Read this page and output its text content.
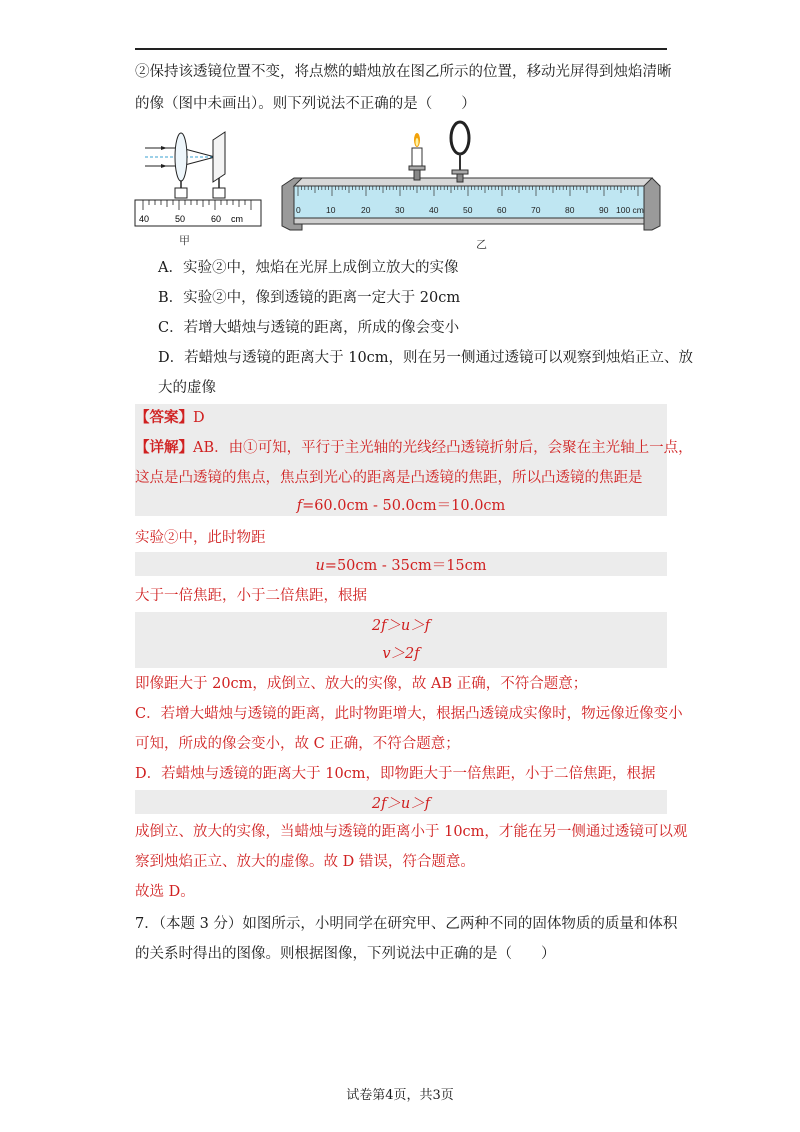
②保持该透镜位置不变，将点燃的蜡烛放在图乙所示的位置，移动光屏得到烛焰清晰
的像（图中未画出）。则下列说法不正确的是（　　）
40	50	60 cm
甲
0	10	20	30	40	50	60	70	80	90 100 cm
乙
A．实验②中，烛焰在光屏上成倒立放大的实像
B．实验②中，像到透镜的距离一定大于 20cm
C．若增大蜡烛与透镜的距离，所成的像会变小
D．若蜡烛与透镜的距离大于 10cm，则在另一侧通过透镜可以观察到烛焰正立、放
大的虚像
【答案】D
【详解】AB．由①可知，平行于主光轴的光线经凸透镜折射后，会聚在主光轴上一点，
这点是凸透镜的焦点，焦点到光心的距离是凸透镜的焦距，所以凸透镜的焦距是
f=60.0cm - 50.0cm＝10.0cm
实验②中，此时物距
u=50cm - 35cm＝15cm
大于一倍焦距，小于二倍焦距，根据
2f＞u＞f
v＞2f
即像距大于 20cm，成倒立、放大的实像，故 AB 正确，不符合题意；
C．若增大蜡烛与透镜的距离，此时物距增大，根据凸透镜成实像时，物远像近像变小
可知，所成的像会变小，故 C 正确，不符合题意；
D．若蜡烛与透镜的距离大于 10cm，即物距大于一倍焦距，小于二倍焦距，根据
2f＞u＞f
成倒立、放大的实像，当蜡烛与透镜的距离小于 10cm，才能在另一侧通过透镜可以观
察到烛焰正立、放大的虚像。故 D 错误，符合题意。
故选 D。
7．（本题 3 分）如图所示，小明同学在研究甲、乙两种不同的固体物质的质量和体积
的关系时得出的图像。则根据图像，下列说法中正确的是（　　）
试卷第4页，共3页
